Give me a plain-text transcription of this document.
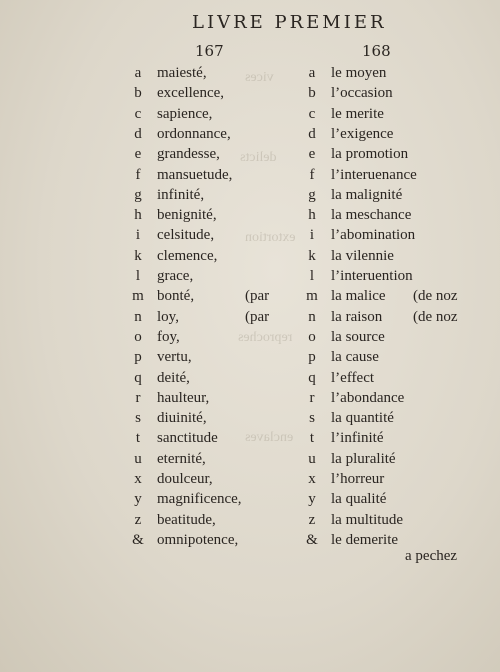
vices
delicts
extortion
reproches
enclaves
LIVRE PREMIER
167	168
a	maiesté,	a	le moyen
b	excellence,	b	l’occasion
c	sapience,	c	le merite
d	ordonnance,	d	l’exigence
e	grandesse,	e	la promotion
f	mansuetude,	f	l’interuenance
g	infinité,	g	la malignité
h	benignité,	h	la meschance
i	celsitude,	i	l’abomination
k	clemence,	k	la vilennie
l	grace,	l	l’interuention
m bonté,	(par	m la malice (de noz
n	loy,	(par	n	la raison (de noz
o	foy,	o	la source
p	vertu,	p	la cause
q	deité,	q	l’effect
r	haulteur,	r	l’abondance
s	diuinité,	s	la quantité
t	sanctitude	t	l’infinité
u	eternité,	u	la pluralité
x	doulceur,	x	l’horreur
y	magnificence,	y	la qualité
z	beatitude,	z	la multitude
& omnipotence,	& le demerite
a pechez
